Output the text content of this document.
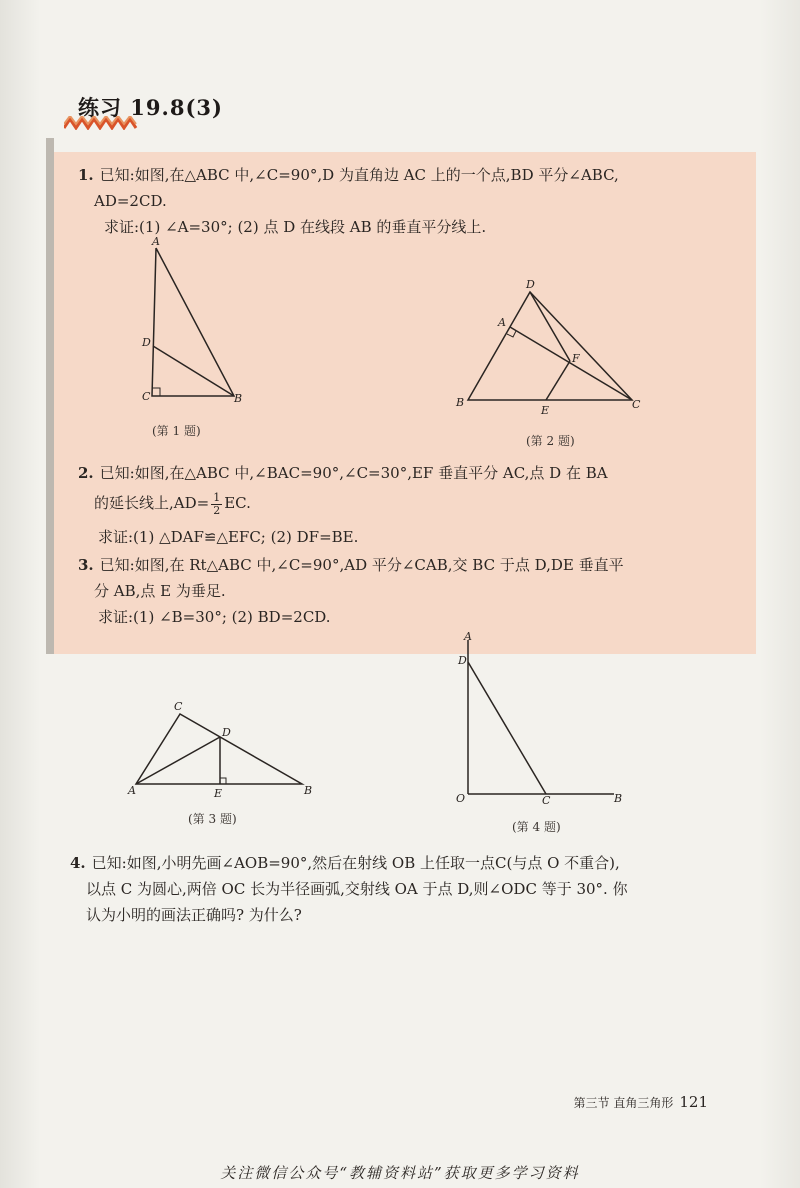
练习 19.8(3)
1. 已知:如图,在△ABC 中,∠C=90°,D 为直角边 AC 上的一个点,BD 平分∠ABC,
AD=2CD.
求证:(1) ∠A=30°; (2) 点 D 在线段 AB 的垂直平分线上.
A
D
C	B
(第 1 题)
D
A
F
B
E	C
(第 2 题)
2. 已知:如图,在△ABC 中,∠BAC=90°,∠C=30°,EF 垂直平分 AC,点 D 在 BA
的延长线上$,AD= \frac{1}{2}$ EC.
求证:(1) △DAF≌△EFC; (2) DF=BE.
3. 已知:如图,在 Rt△ABC 中,∠C=90°,AD 平分∠CAB,交 BC 于点 D,DE 垂直平
分 AB,点 E 为垂足.
求证:(1) ∠B=30°; (2) BD=2CD.
C
D
A	E	B
(第 3 题)
A
D
O	C	B
(第 4 题)
4. 已知:如图,小明先画∠AOB=90°,然后在射线 OB 上任取一点C(与点 O 不重合),
以点 C 为圆心,两倍 OC 长为半径画弧,交射线 OA 于点 D,则∠ODC 等于 30°. 你
认为小明的画法正确吗? 为什么?
第三节 直角三角形 121
关注微信公众号“教辅资料站”获取更多学习资料
